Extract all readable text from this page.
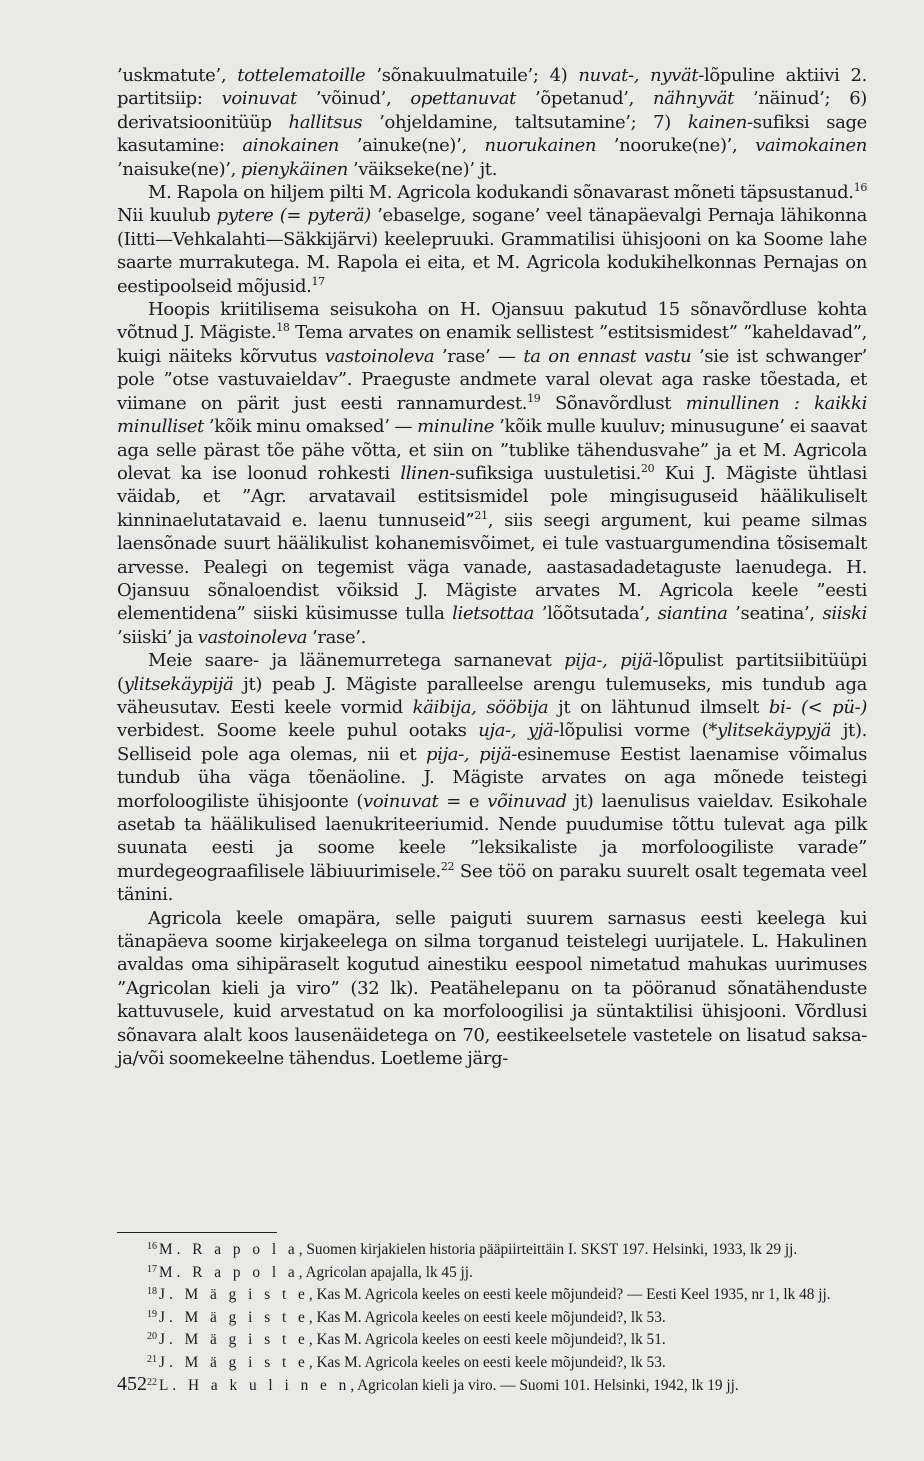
’uskmatute’, tottelematoille ’sõnakuulmatuile’; 4) nuvat-, nyvät-lõpuline aktiivi 2. partitsiip: voinuvat ’võinud’, opettanuvat ’õpetanud’, nähnyvät ’näinud’; 6) derivatsioonitüüp hallitsus ’ohjeldamine, taltsutamine’; 7) kainen-sufiksi sage kasutamine: ainokainen ’ainuke(ne)’, nuorukainen ’nooruke(ne)’, vaimokainen ’naisuke(ne)’, pienykäinen ’väikseke(ne)’ jt.

M. Rapola on hiljem pilti M. Agricola kodukandi sõnavarast mõneti täpsustanud.$^{16}$ Nii kuulub pytere (= pyterä) ’ebaselge, sogane’ veel tänapäevalgi Pernaja lähikonna (Iitti—Vehkalahti—Säkkijärvi) keelepruuki. Grammatilisi ühisjooni on ka Soome lahe saarte murrakutega. M. Rapola ei eita, et M. Agricola kodukihelkonnas Pernajas on eestipoolseid mõjusid.$^{17}$

Hoopis kriitilisema seisukoha on H. Ojansuu pakutud 15 sõnavõrdluse kohta võtnud J. Mägiste.$^{18}$ Tema arvates on enamik sellistest ”estitsismidest” ”kaheldavad”, kuigi näiteks kõrvutus vastoinoleva ’rase’ — ta on ennast vastu ’sie ist schwanger’ pole ”otse vastuvaieldav”. Praeguste andmete varal olevat aga raske tõestada, et viimane on pärit just eesti rannamurdest.$^{19}$ Sõnavõrdlust minullinen : kaikki minulliset ’kõik minu omaksed’ — minuline ’kõik mulle kuuluv; minusugune’ ei saavat aga selle pärast tõe pähe võtta, et siin on ”tublike tähendusvahe” ja et M. Agricola olevat ka ise loonud rohkesti llinen-sufiksiga uustuletisi.$^{20}$ Kui J. Mägiste ühtlasi väidab, et ”Agr. arvatavail estitsismidel pole mingisuguseid häälikuliselt kinninaelutatavaid e. laenu tunnuseid”$^{21}$, siis seegi argument, kui peame silmas laensõnade suurt häälikulist kohanemisvõimet, ei tule vastuargumendina tõsisemalt arvesse. Pealegi on tegemist väga vanade, aastasadadetaguste laenudega. H. Ojansuu sõnaloendist võiksid J. Mägiste arvates M. Agricola keele ”eesti elementidena” siiski küsimusse tulla lietsottaa ’lõõtsutada’, siantina ’seatina’, siiski ’siiski’ ja vastoinoleva ’rase’.

Meie saare- ja läänemurretega sarnanevat pija-, pijä-lõpulist partitsiibitüüpi (ylitsekäypijä jt) peab J. Mägiste paralleelse arengu tulemuseks, mis tundub aga väheusutav. Eesti keele vormid käibija, sööbija jt on lähtunud ilmselt bi- (< pü-) verbidest. Soome keele puhul ootaks uja-, yjä-lõpulisi vorme (*ylitsekäypyjä jt). Selliseid pole aga olemas, nii et pija-, pijä-esinemuse Eestist laenamise võimalus tundub üha väga tõenäoline. J. Mägiste arvates on aga mõnede teistegi morfoloogiliste ühisjoonte (voinuvat = e võinuvad jt) laenulisus vaieldav. Esikohale asetab ta häälikulised laenukriteeriumid. Nende puudumise tõttu tulevat aga pilk suunata eesti ja soome keele ”leksikaliste ja morfoloogiliste varade” murdegeograafilisele läbiuurimisele.$^{22}$ See töö on paraku suurelt osalt tegemata veel tänini.

Agricola keele omapära, selle paiguti suurem sarnasus eesti keelega kui tänapäeva soome kirjakeelega on silma torganud teistelegi uurijatele. L. Hakulinen avaldas oma sihipäraselt kogutud ainestiku eespool nimetatud mahukas uurimuses ”Agricolan kieli ja viro” (32 lk). Peatähelepanu on ta pööranud sõnatähenduste kattuvusele, kuid arvestatud on ka morfoloogilisi ja süntaktilisi ühisjooni. Võrdlusi sõnavara alalt koos lausenäidetega on 70, eestikeelsetele vastetele on lisatud saksa- ja/või soomekeelne tähendus. Loetleme järg-

$^{16}$ M. R a p o l a, Suomen kirjakielen historia pääpiirteittäin I. SKST 197. Helsinki, 1933, lk 29 jj.

$^{17}$ M. R a p o l a, Agricolan apajalla, lk 45 jj.

$^{18}$ J. M ä g i s t e, Kas M. Agricola keeles on eesti keele mõjundeid? — Eesti Keel 1935, nr 1, lk 48 jj.

$^{19}$ J. M ä g i s t e, Kas M. Agricola keeles on eesti keele mõjundeid?, lk 53.

$^{20}$ J. M ä g i s t e, Kas M. Agricola keeles on eesti keele mõjundeid?, lk 51.

$^{21}$ J. M ä g i s t e, Kas M. Agricola keeles on eesti keele mõjundeid?, lk 53.

$^{22}$ L. H a k u l i n e n, Agricolan kieli ja viro. — Suomi 101. Helsinki, 1942, lk 19 jj.

452
